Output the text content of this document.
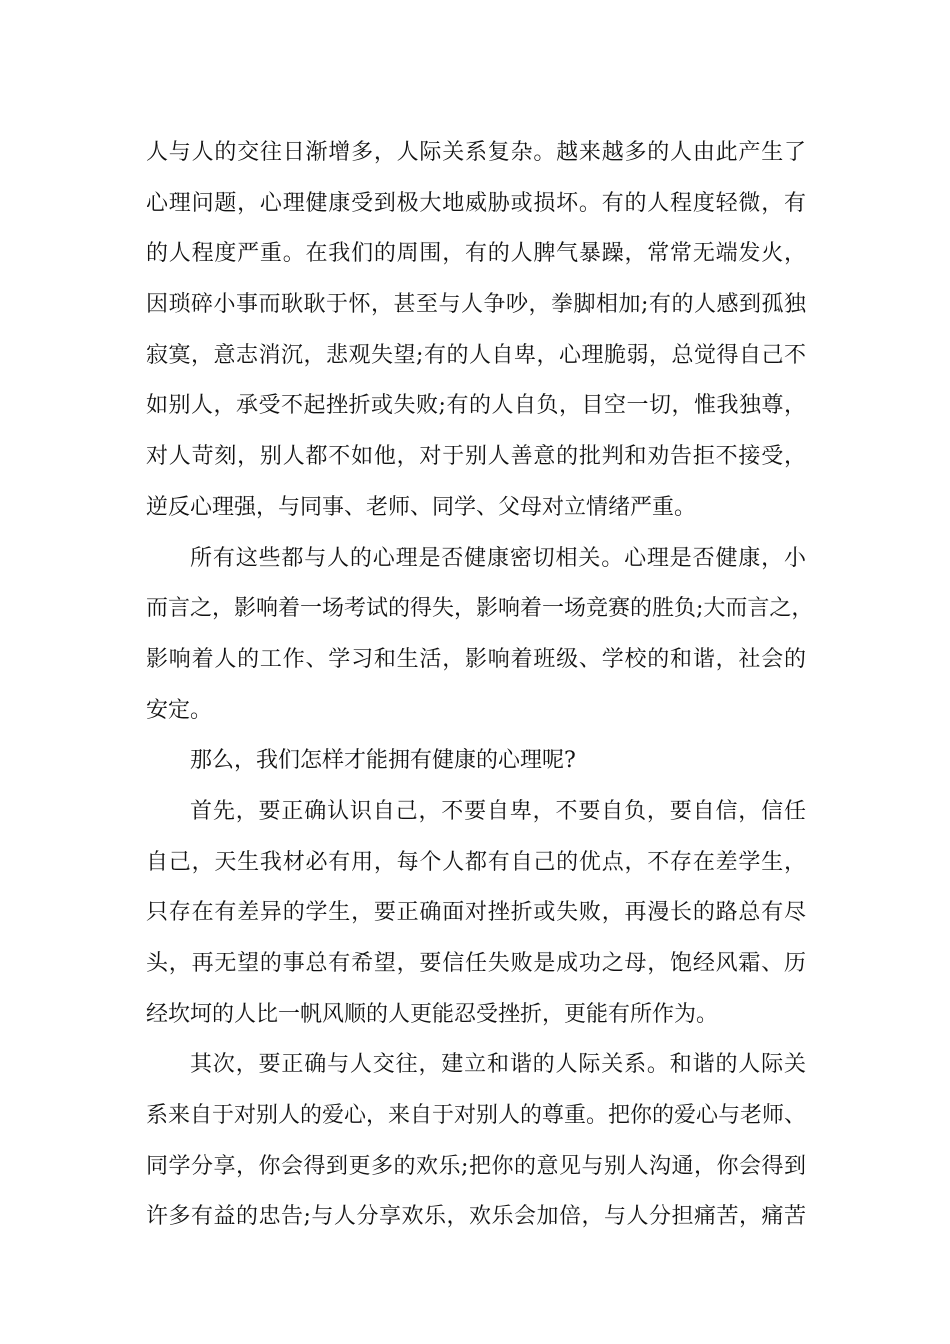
人与人的交往日渐增多，人际关系复杂。越来越多的人由此产生了
心理问题，心理健康受到极大地威胁或损坏。有的人程度轻微，有
的人程度严重。在我们的周围，有的人脾气暴躁，常常无端发火，
因琐碎小事而耿耿于怀，甚至与人争吵，拳脚相加;有的人感到孤独
寂寞，意志消沉，悲观失望;有的人自卑，心理脆弱，总觉得自己不
如别人，承受不起挫折或失败;有的人自负，目空一切，惟我独尊，
对人苛刻，别人都不如他，对于别人善意的批判和劝告拒不接受，
逆反心理强，与同事、老师、同学、父母对立情绪严重。
所有这些都与人的心理是否健康密切相关。心理是否健康，小
而言之，影响着一场考试的得失，影响着一场竞赛的胜负;大而言之，
影响着人的工作、学习和生活，影响着班级、学校的和谐，社会的
安定。
那么，我们怎样才能拥有健康的心理呢?
首先，要正确认识自己，不要自卑，不要自负，要自信，信任
自己，天生我材必有用，每个人都有自己的优点，不存在差学生，
只存在有差异的学生，要正确面对挫折或失败，再漫长的路总有尽
头，再无望的事总有希望，要信任失败是成功之母，饱经风霜、历
经坎坷的人比一帆风顺的人更能忍受挫折，更能有所作为。
其次，要正确与人交往，建立和谐的人际关系。和谐的人际关
系来自于对别人的爱心，来自于对别人的尊重。把你的爱心与老师、
同学分享，你会得到更多的欢乐;把你的意见与别人沟通，你会得到
许多有益的忠告;与人分享欢乐，欢乐会加倍，与人分担痛苦，痛苦
